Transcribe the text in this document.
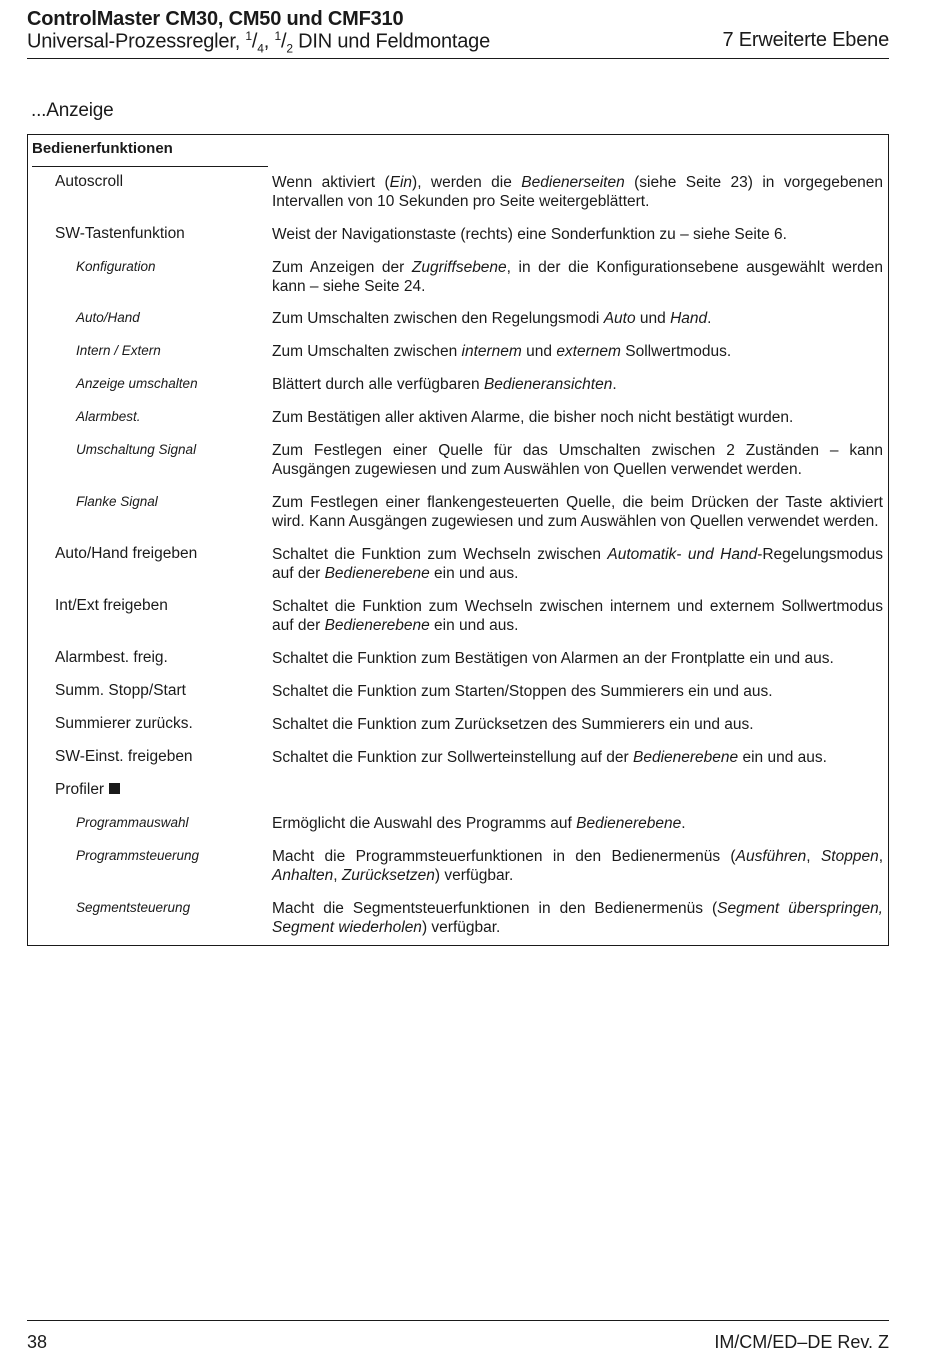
ControlMaster CM30, CM50 und CMF310
Universal-Prozessregler, $^1/_4$, $^1/_2$ DIN und Feldmontage	7 Erweiterte Ebene
...Anzeige
Bedienerfunktionen
Autoscroll	Wenn aktiviert (Ein), werden die Bedienerseiten (siehe Seite 23) in vorgegebenen Intervallen von 10 Sekunden pro Seite weitergeblättert.
SW-Tastenfunktion	Weist der Navigationstaste (rechts) eine Sonderfunktion zu – siehe Seite 6.
Konfiguration	Zum Anzeigen der Zugriffsebene, in der die Konfigurationsebene ausgewählt werden kann – siehe Seite 24.
Auto/Hand	Zum Umschalten zwischen den Regelungsmodi Auto und Hand.
Intern / Extern	Zum Umschalten zwischen internem und externem Sollwertmodus.
Anzeige umschalten	Blättert durch alle verfügbaren Bedieneransichten.
Alarmbest.	Zum Bestätigen aller aktiven Alarme, die bisher noch nicht bestätigt wurden.
Umschaltung Signal	Zum Festlegen einer Quelle für das Umschalten zwischen 2 Zuständen – kann Ausgängen zugewiesen und zum Auswählen von Quellen verwendet werden.
Flanke Signal	Zum Festlegen einer flankengesteuerten Quelle, die beim Drücken der Taste aktiviert wird. Kann Ausgängen zugewiesen und zum Auswählen von Quellen verwendet werden.
Auto/Hand freigeben	Schaltet die Funktion zum Wechseln zwischen Automatik- und Hand-Regelungsmodus auf der Bedienerebene ein und aus.
Int/Ext freigeben	Schaltet die Funktion zum Wechseln zwischen internem und externem Sollwertmodus auf der Bedienerebene ein und aus.
Alarmbest. freig.	Schaltet die Funktion zum Bestätigen von Alarmen an der Frontplatte ein und aus.
Summ. Stopp/Start	Schaltet die Funktion zum Starten/Stoppen des Summierers ein und aus.
Summierer zurücks.	Schaltet die Funktion zum Zurücksetzen des Summierers ein und aus.
SW-Einst. freigeben	Schaltet die Funktion zur Sollwerteinstellung auf der Bedienerebene ein und aus.
Profiler
Programmauswahl	Ermöglicht die Auswahl des Programms auf Bedienerebene.
Programmsteuerung	Macht die Programmsteuerfunktionen in den Bedienermenüs (Ausführen, Stoppen, Anhalten, Zurücksetzen) verfügbar.
Segmentsteuerung	Macht die Segmentsteuerfunktionen in den Bedienermenüs (Segment überspringen, Segment wiederholen) verfügbar.
38	IM/CM/ED–DE Rev. Z
